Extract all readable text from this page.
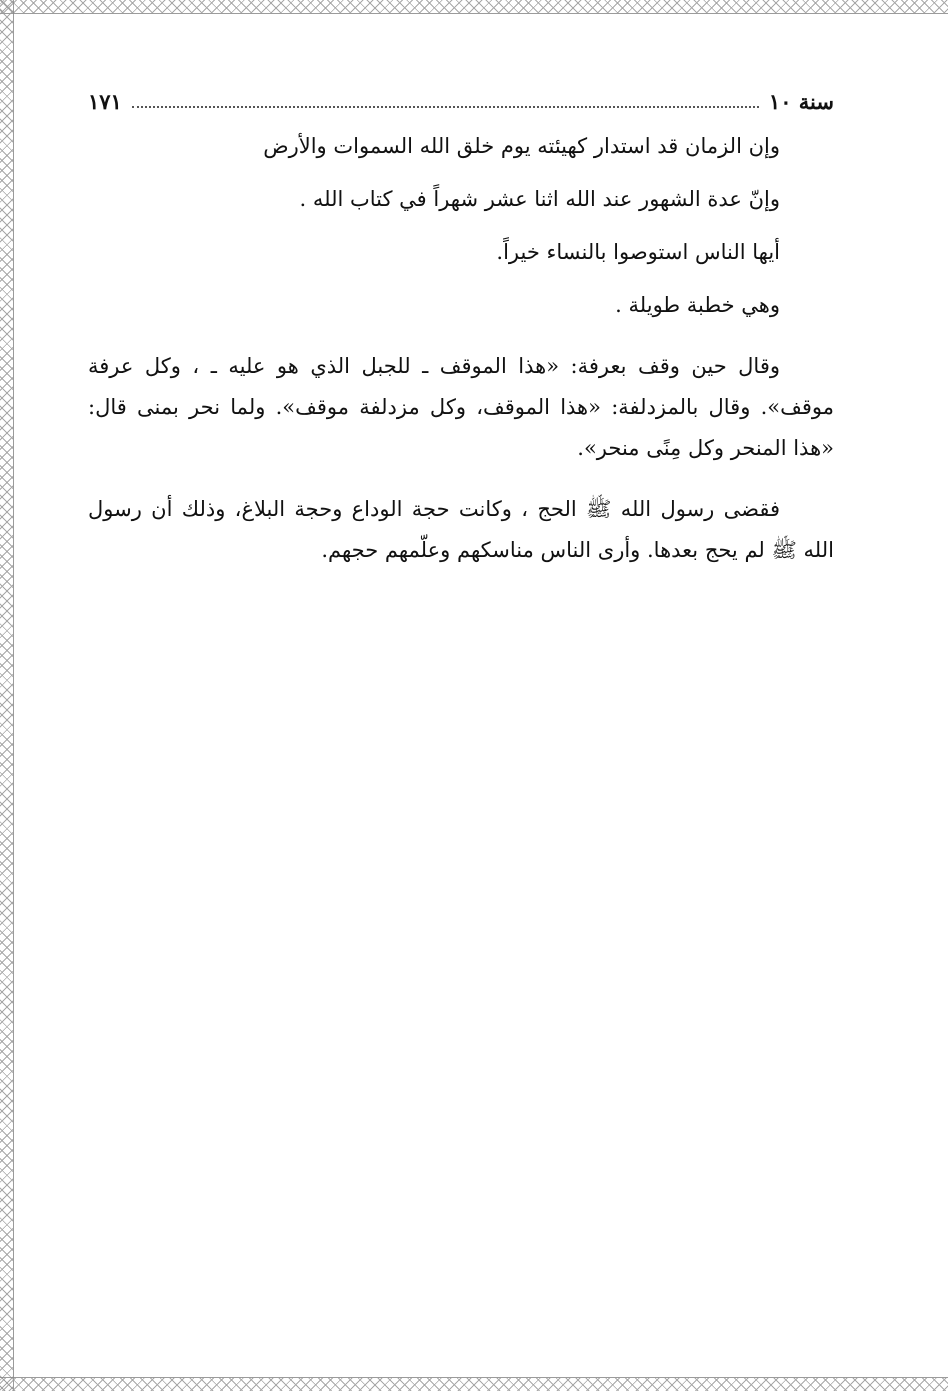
سنة ١٠
١٧١

وإن الزمان قد استدار كهيئته يوم خلق الله السموات والأرض

وإنّ عدة الشهور عند الله اثنا عشر شهراً في كتاب الله .

أيها الناس استوصوا بالنساء خيراً.

وهي خطبة طويلة .

وقال حين وقف بعرفة: «هذا الموقف ـ للجبل الذي هو عليه ـ ، وكل عرفة موقف». وقال بالمزدلفة: «هذا الموقف، وكل مزدلفة موقف». ولما نحر بمنى قال: «هذا المنحر وكل مِنًى منحر».

فقضى رسول الله ﷺ الحج ، وكانت حجة الوداع وحجة البلاغ، وذلك أن رسول الله ﷺ لم يحج بعدها. وأرى الناس مناسكهم وعلّمهم حجهم.
